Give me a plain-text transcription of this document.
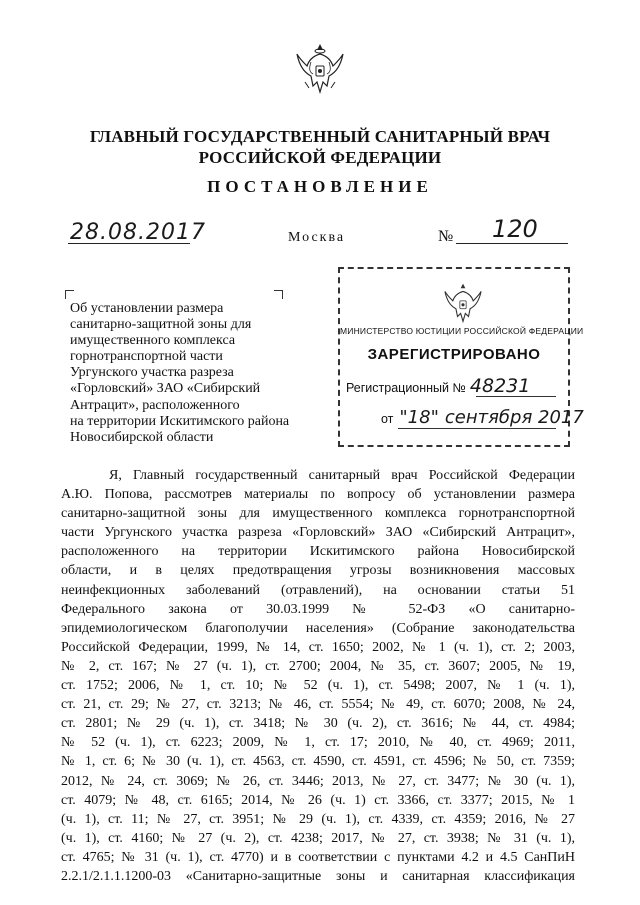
ГЛАВНЫЙ ГОСУДАРСТВЕННЫЙ САНИТАРНЫЙ ВРАЧ
РОССИЙСКОЙ ФЕДЕРАЦИИ
ПОСТАНОВЛЕНИЕ
28.08.2017	Москва	№ 120
Об установлении размера
санитарно-защитной зоны для
имущественного комплекса
горнотранспортной части
Ургунского участка разреза
«Горловский» ЗАО «Сибирский
Антрацит», расположенного
на территории Искитимского района
Новосибирской области
МИНИСТЕРСТВО ЮСТИЦИИ РОССИЙСКОЙ ФЕДЕРАЦИИ
ЗАРЕГИСТРИРОВАНО
Регистрационный № 48231
от "18" сентября 2017
Я, Главный государственный санитарный врач Российской Федерации
А.Ю. Попова, рассмотрев материалы по вопросу об установлении размера
санитарно-защитной зоны для имущественного комплекса горнотранспортной
части Ургунского участка разреза «Горловский» ЗАО «Сибирский Антрацит»,
расположенного на территории Искитимского района Новосибирской
области, и в целях предотвращения угрозы возникновения массовых
неинфекционных заболеваний (отравлений), на основании статьи 51
Федерального закона от 30.03.1999 № 52-ФЗ «О санитарно-
эпидемиологическом благополучии населения» (Собрание законодательства
Российской Федерации, 1999, № 14, ст. 1650; 2002, № 1 (ч. 1), ст. 2; 2003,
№ 2, ст. 167; № 27 (ч. 1), ст. 2700; 2004, № 35, ст. 3607; 2005, № 19,
ст. 1752; 2006, № 1, ст. 10; № 52 (ч. 1), ст. 5498; 2007, № 1 (ч. 1),
ст. 21, ст. 29; № 27, ст. 3213; № 46, ст. 5554; № 49, ст. 6070; 2008, № 24,
ст. 2801; № 29 (ч. 1), ст. 3418; № 30 (ч. 2), ст. 3616; № 44, ст. 4984;
№ 52 (ч. 1), ст. 6223; 2009, № 1, ст. 17; 2010, № 40, ст. 4969; 2011,
№ 1, ст. 6; № 30 (ч. 1), ст. 4563, ст. 4590, ст. 4591, ст. 4596; № 50, ст. 7359;
2012, № 24, ст. 3069; № 26, ст. 3446; 2013, № 27, ст. 3477; № 30 (ч. 1),
ст. 4079; № 48, ст. 6165; 2014, № 26 (ч. 1) ст. 3366, ст. 3377; 2015, № 1
(ч. 1), ст. 11; № 27, ст. 3951; № 29 (ч. 1), ст. 4339, ст. 4359; 2016, № 27
(ч. 1), ст. 4160; № 27 (ч. 2), ст. 4238; 2017, № 27, ст. 3938; № 31 (ч. 1),
ст. 4765; № 31 (ч. 1), ст. 4770) и в соответствии с пунктами 4.2 и 4.5 СанПиН
2.2.1/2.1.1.1200-03 «Санитарно-защитные зоны и санитарная классификация
